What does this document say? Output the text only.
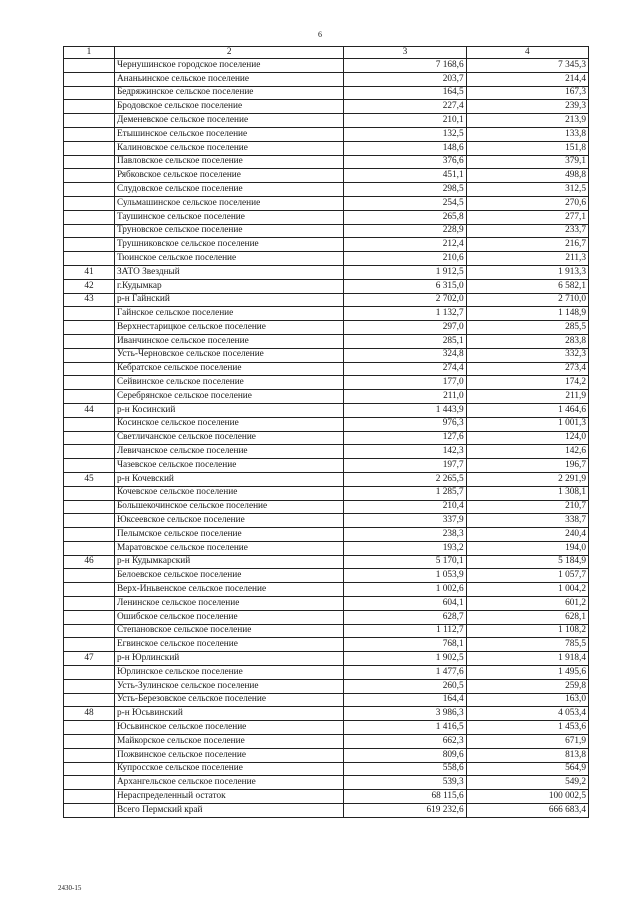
6
1	2	3	4
	Чернушинское городское поселение	7 168,6	7 345,3
	Ананьинское сельское поселение	203,7	214,4
	Бедряжинское сельское поселение	164,5	167,3
	Бродовское сельское поселение	227,4	239,3
	Деменевское сельское поселение	210,1	213,9
	Етышинское сельское поселение	132,5	133,8
	Калиновское сельское поселение	148,6	151,8
	Павловское сельское поселение	376,6	379,1
	Рябковское сельское поселение	451,1	498,8
	Слудовское сельское поселение	298,5	312,5
	Сульмашинское сельское поселение	254,5	270,6
	Таушинское сельское поселение	265,8	277,1
	Труновское сельское поселение	228,9	233,7
	Трушниковское сельское поселение	212,4	216,7
	Тюинское сельское поселение	210,6	211,3
41	ЗАТО Звездный	1 912,5	1 913,3
42	г.Кудымкар	6 315,0	6 582,1
43	р-н Гайнский	2 702,0	2 710,0
	Гайнское сельское поселение	1 132,7	1 148,9
	Верхнестарицкое сельское поселение	297,0	285,5
	Иванчинское сельское поселение	285,1	283,8
	Усть-Черновское сельское поселение	324,8	332,3
	Кебратское сельское поселение	274,4	273,4
	Сейвинское сельское поселение	177,0	174,2
	Серебрянское сельское поселение	211,0	211,9
44	р-н Косинский	1 443,9	1 464,6
	Косинское сельское поселение	976,3	1 001,3
	Светличанское сельское поселение	127,6	124,0
	Левичанское сельское поселение	142,3	142,6
	Чазевское сельское поселение	197,7	196,7
45	р-н Кочевский	2 265,5	2 291,9
	Кочевское сельское поселение	1 285,7	1 308,1
	Большекочинское сельское поселение	210,4	210,7
	Юксеевское сельское поселение	337,9	338,7
	Пелымское сельское поселение	238,3	240,4
	Маратовское сельское поселение	193,2	194,0
46	р-н Кудымкарский	5 170,1	5 184,9
	Белоевское сельское поселение	1 053,9	1 057,7
	Верх-Иньвенское сельское поселение	1 002,6	1 004,2
	Ленинское сельское поселение	604,1	601,2
	Ошибское сельское поселение	628,7	628,1
	Степановское сельское поселение	1 112,7	1 108,2
	Егвинское сельское поселение	768,1	785,5
47	р-н Юрлинский	1 902,5	1 918,4
	Юрлинское сельское поселение	1 477,6	1 495,6
	Усть-Зулинское сельское поселение	260,5	259,8
	Усть-Березовское сельское поселение	164,4	163,0
48	р-н Юсьвинский	3 986,3	4 053,4
	Юсьвинское сельское поселение	1 416,5	1 453,6
	Майкорское сельское поселение	662,3	671,9
	Пожвинское сельское поселение	809,6	813,8
	Купросское сельское поселение	558,6	564,9
	Архангельское сельское поселение	539,3	549,2
	Нераспределенный остаток	68 115,6	100 002,5
	Всего Пермский край	619 232,6	666 683,4
2430-15
